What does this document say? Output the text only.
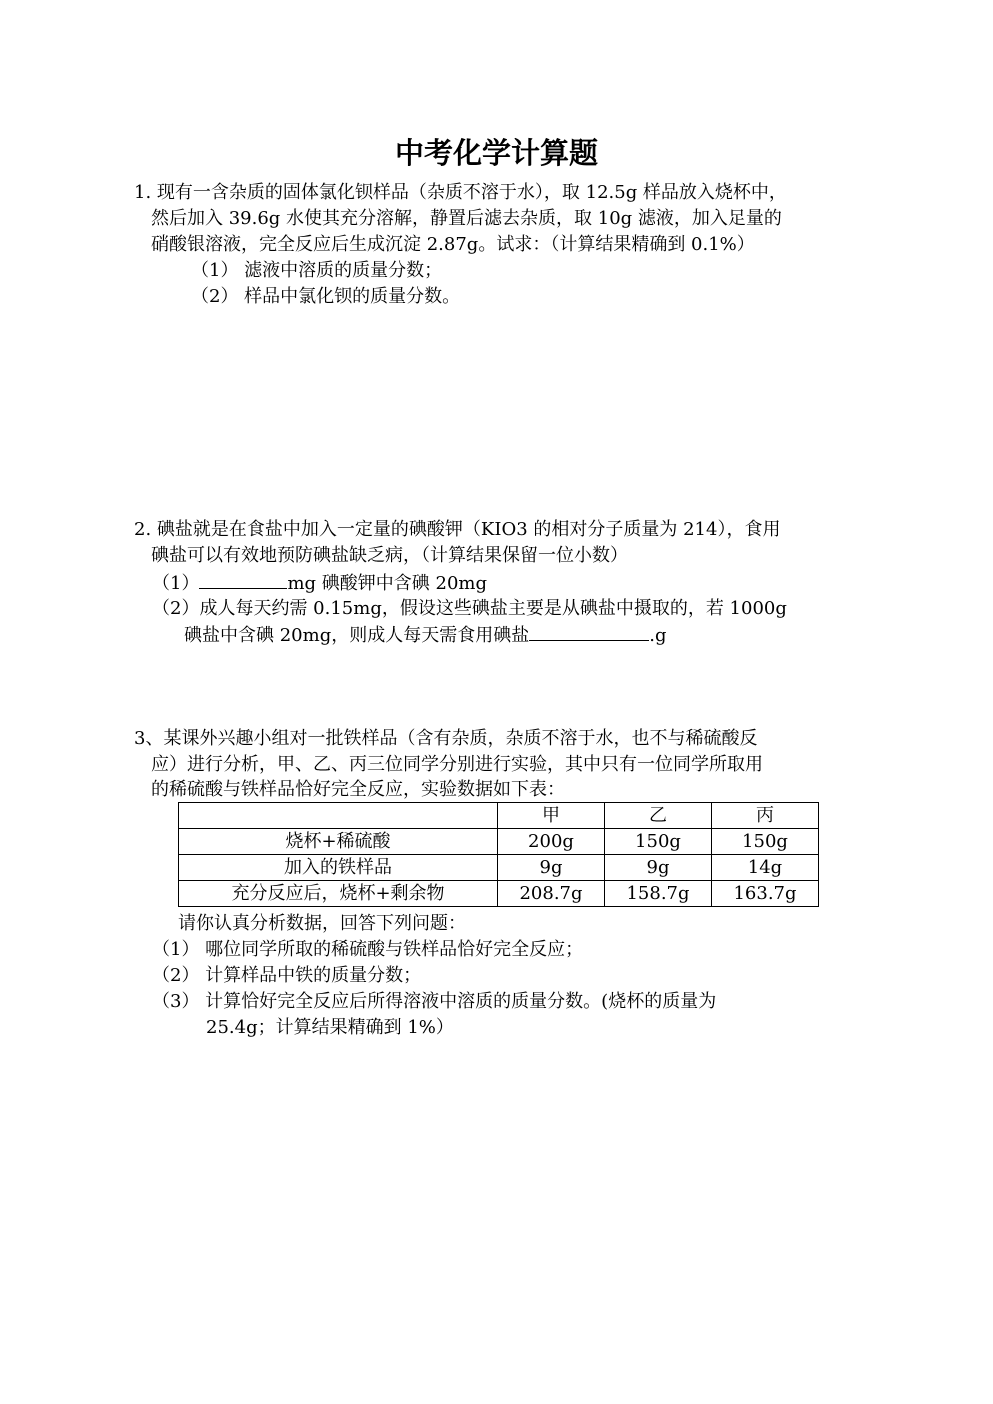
中考化学计算题
1. 现有一含杂质的固体氯化钡样品（杂质不溶于水），取 12.5g 样品放入烧杯中，
然后加入 39.6g 水使其充分溶解，静置后滤去杂质，取 10g 滤液，加入足量的
硝酸银溶液，完全反应后生成沉淀 2.87g。试求：（计算结果精确到 0.1%）
（1） 滤液中溶质的质量分数；
（2） 样品中氯化钡的质量分数。
2. 碘盐就是在食盐中加入一定量的碘酸钾（KIO3 的相对分子质量为 214），食用
碘盐可以有效地预防碘盐缺乏病，（计算结果保留一位小数）
（1）	mg 碘酸钾中含碘 20mg
（2）成人每天约需 0.15mg，假设这些碘盐主要是从碘盐中摄取的，若 1000g
碘盐中含碘 20mg，则成人每天需食用碘盐	.g
3、某课外兴趣小组对一批铁样品（含有杂质，杂质不溶于水，也不与稀硫酸反
应）进行分析，甲、乙、丙三位同学分别进行实验，其中只有一位同学所取用
的稀硫酸与铁样品恰好完全反应，实验数据如下表：
	甲	乙	丙
烧杯+稀硫酸	200g	150g	150g
加入的铁样品	9g	9g	14g
充分反应后，烧杯+剩余物	208.7g	158.7g	163.7g
请你认真分析数据，回答下列问题：
（1） 哪位同学所取的稀硫酸与铁样品恰好完全反应；
（2） 计算样品中铁的质量分数；
（3） 计算恰好完全反应后所得溶液中溶质的质量分数。(烧杯的质量为
25.4g；计算结果精确到 1%）
